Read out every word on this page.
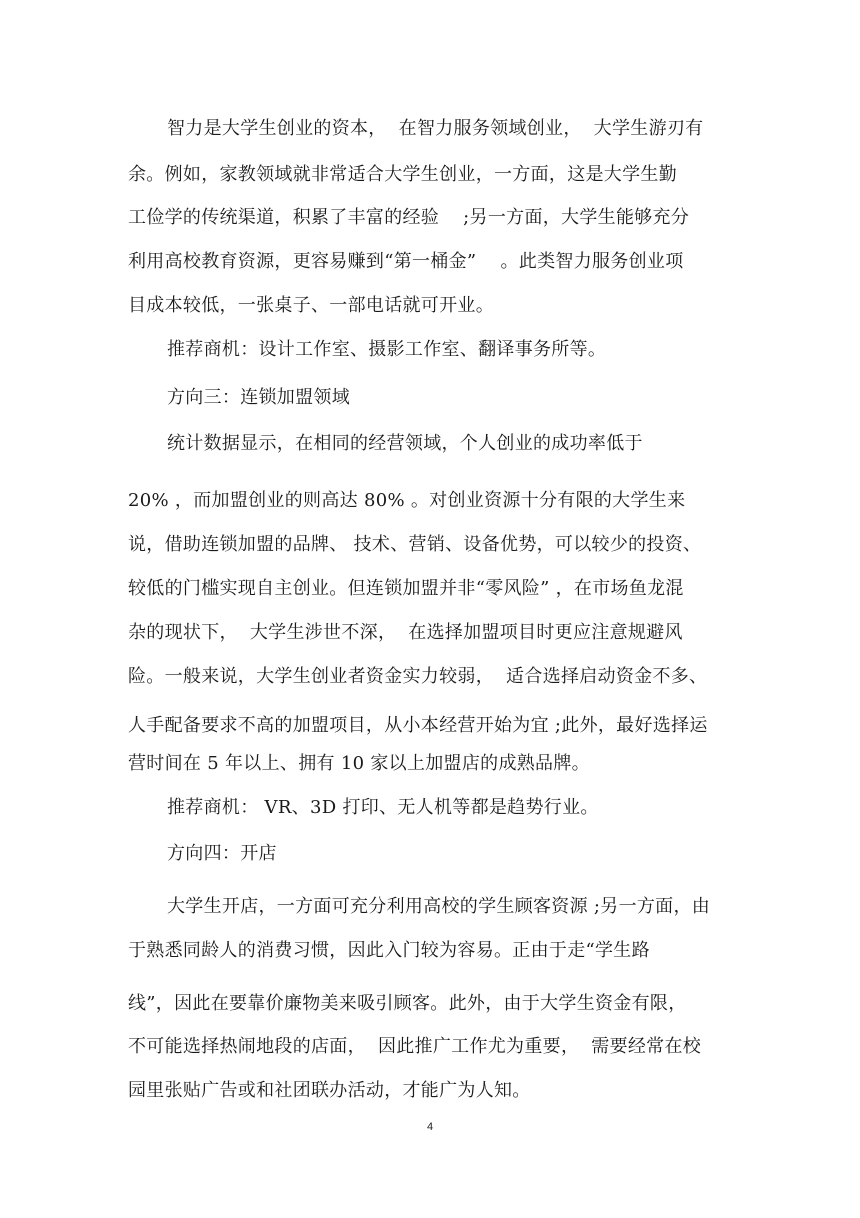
智力是大学生创业的资本，  在智力服务领域创业，  大学生游刃有
余。例如，家教领域就非常适合大学生创业，一方面，这是大学生勤
工俭学的传统渠道，积累了丰富的经验    ;另一方面，大学生能够充分
利用高校教育资源，更容易赚到“第一桶金”    。此类智力服务创业项
目成本较低，一张桌子、一部电话就可开业。
推荐商机：设计工作室、摄影工作室、翻译事务所等。
方向三：连锁加盟领域
统计数据显示，在相同的经营领域，个人创业的成功率低于
20% ，而加盟创业的则高达 80% 。对创业资源十分有限的大学生来
说，借助连锁加盟的品牌、 技术、营销、设备优势，可以较少的投资、
较低的门槛实现自主创业。但连锁加盟并非“零风险” ，在市场鱼龙混
杂的现状下，  大学生涉世不深，  在选择加盟项目时更应注意规避风
险。一般来说，大学生创业者资金实力较弱，  适合选择启动资金不多、
人手配备要求不高的加盟项目，从小本经营开始为宜 ;此外，最好选择运
营时间在 5 年以上、拥有 10 家以上加盟店的成熟品牌。
推荐商机： VR、3D 打印、无人机等都是趋势行业。
方向四：开店
大学生开店，一方面可充分利用高校的学生顾客资源 ;另一方面，由
于熟悉同龄人的消费习惯，因此入门较为容易。正由于走“学生路
线”，因此在要靠价廉物美来吸引顾客。此外，由于大学生资金有限，
不可能选择热闹地段的店面，  因此推广工作尤为重要，  需要经常在校
园里张贴广告或和社团联办活动，才能广为人知。
4
